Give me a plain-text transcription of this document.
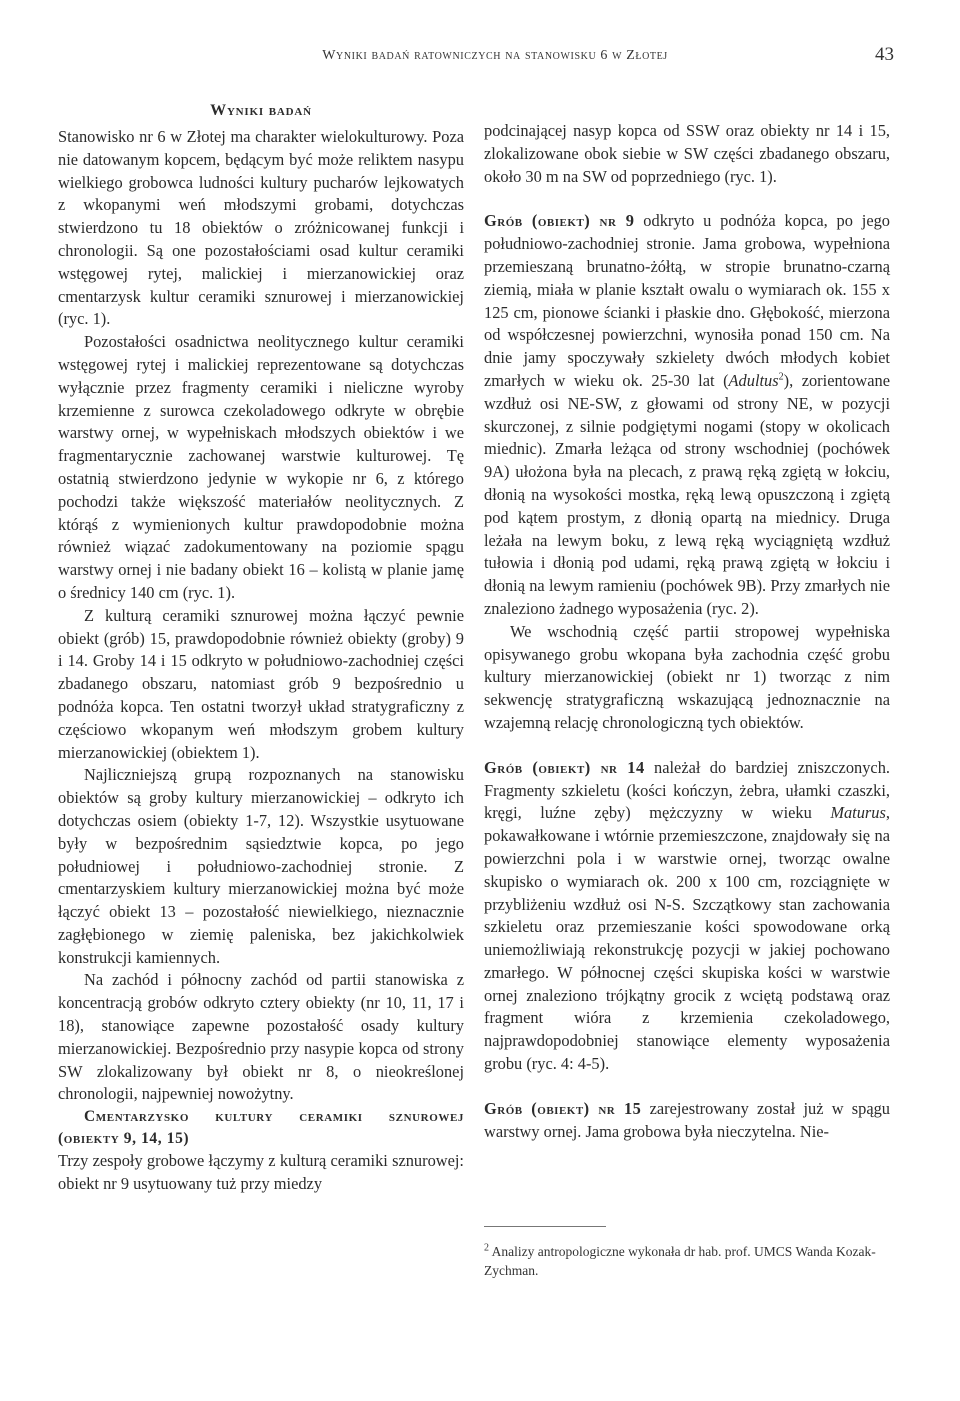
Wyniki badań ratowniczych na stanowisku 6 w Złotej	43
Wyniki badań

Stanowisko nr 6 w Złotej ma charakter wielokulturowy. Poza nie datowanym kopcem, będącym być może reliktem nasypu wielkiego grobowca ludności kultury pucharów lejkowatych z wkopanymi weń młodszymi grobami, dotychczas stwierdzono tu 18 obiektów o zróżnicowanej funkcji i chronologii. Są one pozostałościami osad kultur ceramiki wstęgowej rytej, malickiej i mierzanowickiej oraz cmentarzysk kultur ceramiki sznurowej i mierzanowickiej (ryc. 1).

Pozostałości osadnictwa neolitycznego kultur ceramiki wstęgowej rytej i malickiej reprezentowane są dotychczas wyłącznie przez fragmenty ceramiki i nieliczne wyroby krzemienne z surowca czekoladowego odkryte w obrębie warstwy ornej, w wypełniskach młodszych obiektów i we fragmentarycznie zachowanej warstwie kulturowej. Tę ostatnią stwierdzono jedynie w wykopie nr 6, z którego pochodzi także większość materiałów neolitycznych. Z którąś z wymienionych kultur prawdopodobnie można również wiązać zadokumentowany na poziomie spągu warstwy ornej i nie badany obiekt 16 – kolistą w planie jamę o średnicy 140 cm (ryc. 1).

Z kulturą ceramiki sznurowej można łączyć pewnie obiekt (grób) 15, prawdopodobnie również obiekty (groby) 9 i 14. Groby 14 i 15 odkryto w południowo-zachodniej części zbadanego obszaru, natomiast grób 9 bezpośrednio u podnóża kopca. Ten ostatni tworzył układ stratygraficzny z częściowo wkopanym weń młodszym grobem kultury mierzanowickiej (obiektem 1).

Najliczniejszą grupą rozpoznanych na stanowisku obiektów są groby kultury mierzanowickiej – odkryto ich dotychczas osiem (obiekty 1-7, 12). Wszystkie usytuowane były w bezpośrednim sąsiedztwie kopca, po jego południowej i południowo-zachodniej stronie. Z cmentarzyskiem kultury mierzanowickiej można być może łączyć obiekt 13 – pozostałość niewielkiego, nieznacznie zagłębionego w ziemię paleniska, bez jakichkolwiek konstrukcji kamiennych.

Na zachód i północny zachód od partii stanowiska z koncentracją grobów odkryto cztery obiekty (nr 10, 11, 17 i 18), stanowiące zapewne pozostałość osady kultury mierzanowickiej. Bezpośrednio przy nasypie kopca od strony SW zlokalizowany był obiekt nr 8, o nieokreślonej chronologii, najpewniej nowożytny.

Cmentarzysko kultury ceramiki sznurowej (obiekty 9, 14, 15)

Trzy zespoły grobowe łączymy z kulturą ceramiki sznurowej: obiekt nr 9 usytuowany tuż przy miedzy

podcinającej nasyp kopca od SSW oraz obiekty nr 14 i 15, zlokalizowane obok siebie w SW części zbadanego obszaru, około 30 m na SW od poprzedniego (ryc. 1).

Grób (obiekt) nr 9 odkryto u podnóża kopca, po jego południowo-zachodniej stronie. Jama grobowa, wypełniona przemieszaną brunatno-żółtą, w stropie brunatno-czarną ziemią, miała w planie kształt owalu o wymiarach ok. 155 x 125 cm, pionowe ścianki i płaskie dno. Głębokość, mierzona od współczesnej powierzchni, wynosiła ponad 150 cm. Na dnie jamy spoczywały szkielety dwóch młodych kobiet zmarłych w wieku ok. 25-30 lat (Adultus$^2$), zorientowane wzdłuż osi NE-SW, z głowami od strony NE, w pozycji skurczonej, z silnie podgiętymi nogami (stopy w okolicach miednic). Zmarła leżąca od strony wschodniej (pochówek 9A) ułożona była na plecach, z prawą ręką zgiętą w łokciu, dłonią na wysokości mostka, ręką lewą opuszczoną i zgiętą pod kątem prostym, z dłonią opartą na miednicy. Druga leżała na lewym boku, z lewą ręką wyciągniętą wzdłuż tułowia i dłonią pod udami, ręką prawą zgiętą w łokciu i dłonią na lewym ramieniu (pochówek 9B). Przy zmarłych nie znaleziono żadnego wyposażenia (ryc. 2).

We wschodnią część partii stropowej wypełniska opisywanego grobu wkopana była zachodnia część grobu kultury mierzanowickiej (obiekt nr 1) tworząc z nim sekwencję stratygraficzną wskazującą jednoznacznie na wzajemną relację chronologiczną tych obiektów.

Grób (obiekt) nr 14 należał do bardziej zniszczonych. Fragmenty szkieletu (kości kończyn, żebra, ułamki czaszki, kręgi, luźne zęby) mężczyzny w wieku Maturus, pokawałkowane i wtórnie przemieszczone, znajdowały się na powierzchni pola i w warstwie ornej, tworząc owalne skupisko o wymiarach ok. 200 x 100 cm, rozciągnięte w przybliżeniu wzdłuż osi N-S. Szczątkowy stan zachowania szkieletu oraz przemieszanie kości spowodowane orką uniemożliwiają rekonstrukcję pozycji w jakiej pochowano zmarłego. W północnej części skupiska kości w warstwie ornej znaleziono trójkątny grocik z wciętą podstawą oraz fragment wióra z krzemienia czekoladowego, najprawdopodobniej stanowiące elementy wyposażenia grobu (ryc. 4: 4-5).

Grób (obiekt) nr 15 zarejestrowany został już w spągu warstwy ornej. Jama grobowa była nieczytelna. Nie-

$^2$ Analizy antropologiczne wykonała dr hab. prof. UMCS Wanda Kozak-Zychman.
